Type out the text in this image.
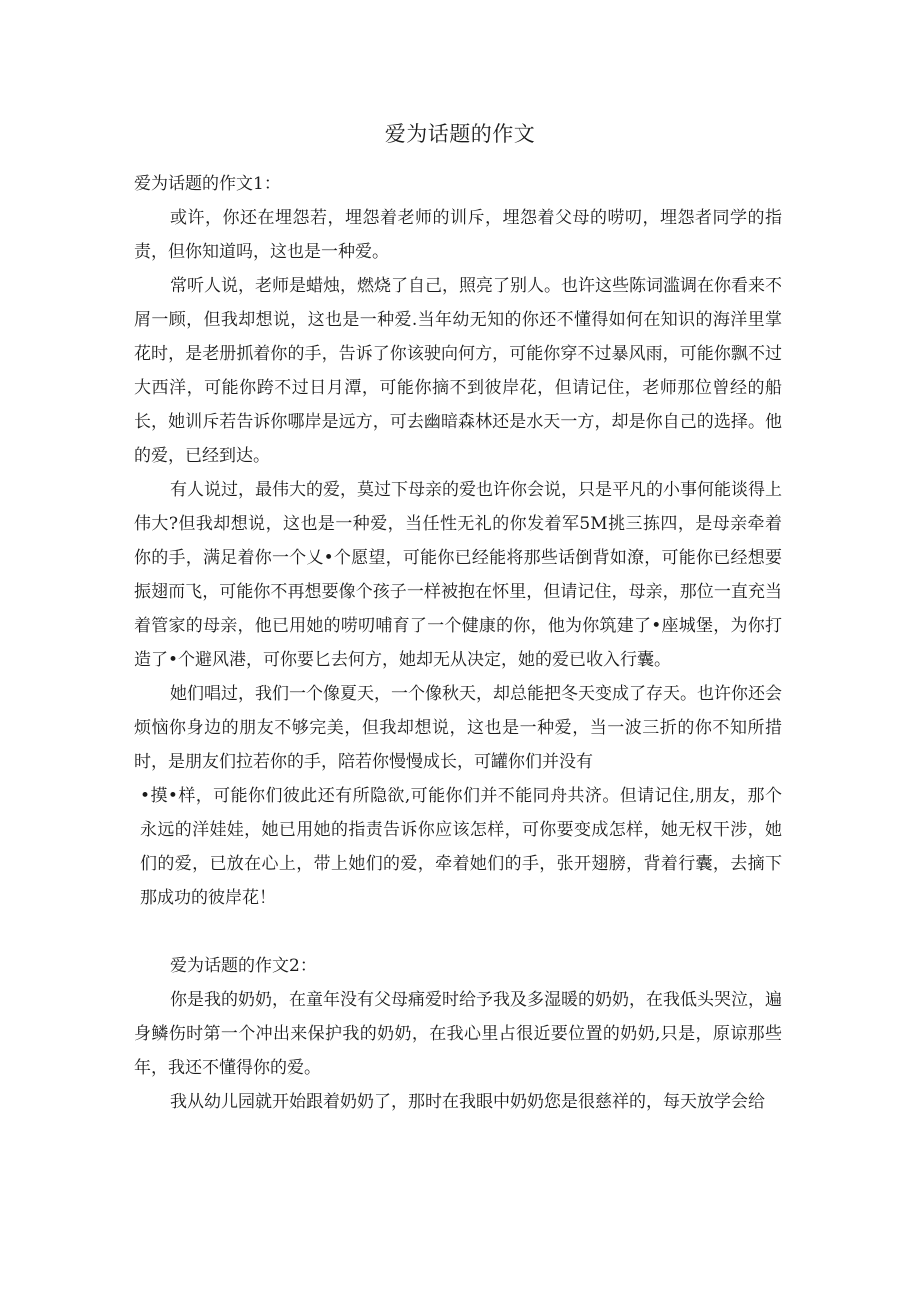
爱为话题的作文

爱为话题的作文1：

或许，你还在埋怨若，埋怨着老师的训斥，埋怨着父母的唠叨，埋怨者同学的指责，但你知道吗，这也是一种爱。

常听人说，老师是蜡烛，燃烧了自己，照亮了别人。也许这些陈词滥调在你看来不屑一顾，但我却想说，这也是一种爱.当年幼无知的你还不懂得如何在知识的海洋里掌花时，是老册抓着你的手，告诉了你该驶向何方，可能你穿不过暴风雨，可能你飘不过大西洋，可能你跨不过日月潭，可能你摘不到彼岸花，但请记住，老师那位曾经的船长，她训斥若告诉你哪岸是远方，可去幽暗森林还是水天一方，却是你自己的选择。他的爱，已经到达。

有人说过，最伟大的爱，莫过下母亲的爱也许你会说，只是平凡的小事何能谈得上伟大?但我却想说，这也是一种爱，当任性无礼的你发着军5M挑三拣四，是母亲牵着你的手，满足着你一个乂•个愿望，可能你已经能将那些话倒背如潦，可能你已经想要振翅而飞，可能你不再想要像个孩子一样被抱在怀里，但请记住，母亲，那位一直充当着管家的母亲，他已用她的唠叨哺育了一个健康的你，他为你筑建了•座城堡，为你打造了•个避风港，可你要匕去何方，她却无从决定，她的爱已收入行囊。

她们唱过，我们一个像夏天，一个像秋天，却总能把冬天变成了存天。也许你还会烦恼你身边的朋友不够完美，但我却想说，这也是一种爱，当一波三折的你不知所措时，是朋友们拉若你的手，陪若你慢慢成长，可罐你们并没有

•摸•样，可能你们彼此还有所隐欲,可能你们并不能同舟共济。但请记住,朋友，那个永远的洋娃娃，她已用她的指责告诉你应该怎样，可你要变成怎样，她无权干涉，她们的爱，已放在心上，带上她们的爱，牵着她们的手，张开翅膀，背着行囊，去摘下那成功的彼岸花！

爱为话题的作文2：

你是我的奶奶，在童年没有父母痛爱时给予我及多湿暖的奶奶，在我低头哭泣，遍身鳞伤时第一个冲出来保护我的奶奶，在我心里占很近要位置的奶奶,只是，原谅那些年，我还不懂得你的爱。

我从幼儿园就开始跟着奶奶了，那时在我眼中奶奶您是很慈祥的，每天放学会给
